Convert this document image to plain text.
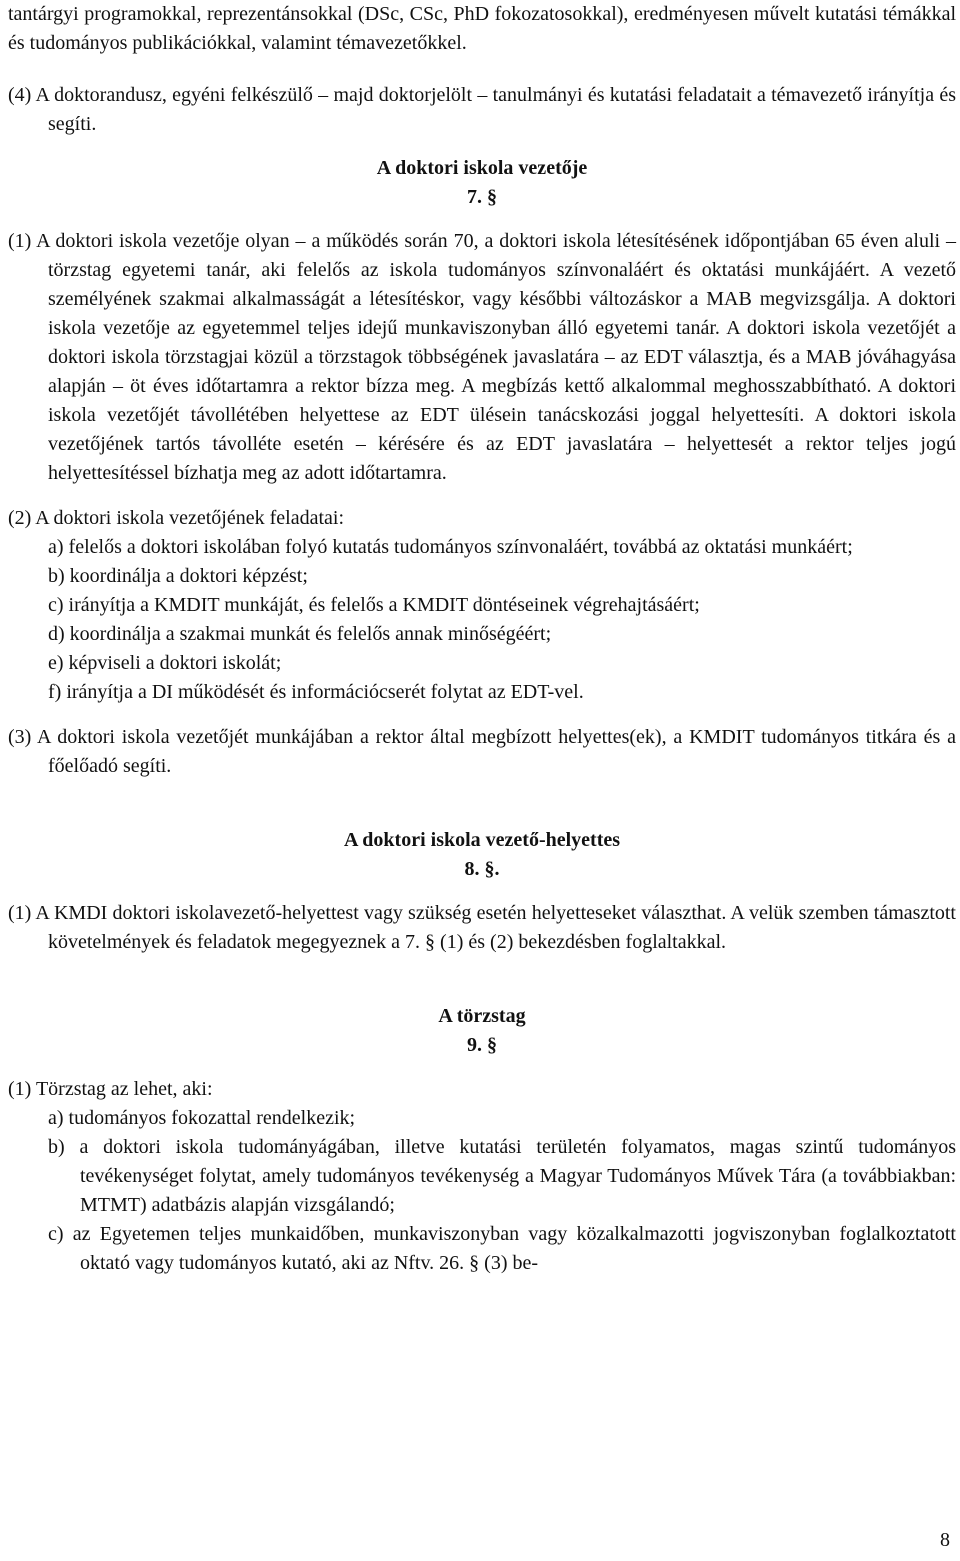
tantárgyi programokkal, reprezentánsokkal (DSc, CSc, PhD fokozatosokkal), eredményesen művelt kutatási témákkal és tudományos publikációkkal, valamint témavezetőkkel.

(4) A doktorandusz, egyéni felkészülő – majd doktorjelölt – tanulmányi és kutatási feladatait a témavezető irányítja és segíti.

A doktori iskola vezetője

7. §

(1) A doktori iskola vezetője olyan – a működés során 70, a doktori iskola létesítésének időpontjában 65 éven aluli – törzstag egyetemi tanár, aki felelős az iskola tudományos színvonaláért és oktatási munkájáért. A vezető személyének szakmai alkalmasságát a létesítéskor, vagy későbbi változáskor a MAB megvizsgálja. A doktori iskola vezetője az egyetemmel teljes idejű munkaviszonyban álló egyetemi tanár. A doktori iskola vezetőjét a doktori iskola törzstagjai közül a törzstagok többségének javaslatára – az EDT választja, és a MAB jóváhagyása alapján – öt éves időtartamra a rektor bízza meg. A megbízás kettő alkalommal meghosszabbítható. A doktori iskola vezetőjét távollétében helyettese az EDT ülésein tanácskozási joggal helyettesíti. A doktori iskola vezetőjének tartós távolléte esetén – kérésére és az EDT javaslatára – helyettesét a rektor teljes jogú helyettesítéssel bízhatja meg az adott időtartamra.

(2) A doktori iskola vezetőjének feladatai:

a) felelős a doktori iskolában folyó kutatás tudományos színvonaláért, továbbá az oktatási munkáért;

b) koordinálja a doktori képzést;

c) irányítja a KMDIT munkáját, és felelős a KMDIT döntéseinek végrehajtásáért;

d) koordinálja a szakmai munkát és felelős annak minőségéért;

e) képviseli a doktori iskolát;

f) irányítja a DI működését és információcserét folytat az EDT-vel.

(3) A doktori iskola vezetőjét munkájában a rektor által megbízott helyettes(ek), a KMDIT tudományos titkára és a főelőadó segíti.

A doktori iskola vezető-helyettes

8. §.

(1) A KMDI doktori iskolavezető-helyettest vagy szükség esetén helyetteseket választhat. A velük szemben támasztott követelmények és feladatok megegyeznek a 7. § (1) és (2) bekezdésben foglaltakkal.

A törzstag

9. §

(1) Törzstag az lehet, aki:

a) tudományos fokozattal rendelkezik;

b) a doktori iskola tudományágában, illetve kutatási területén folyamatos, magas szintű tudományos tevékenységet folytat, amely tudományos tevékenység a Magyar Tudományos Művek Tára (a továbbiakban: MTMT) adatbázis alapján vizsgálandó;

c) az Egyetemen teljes munkaidőben, munkaviszonyban vagy közalkalmazotti jogviszonyban foglalkoztatott oktató vagy tudományos kutató, aki az Nftv. 26. § (3) be-

8
